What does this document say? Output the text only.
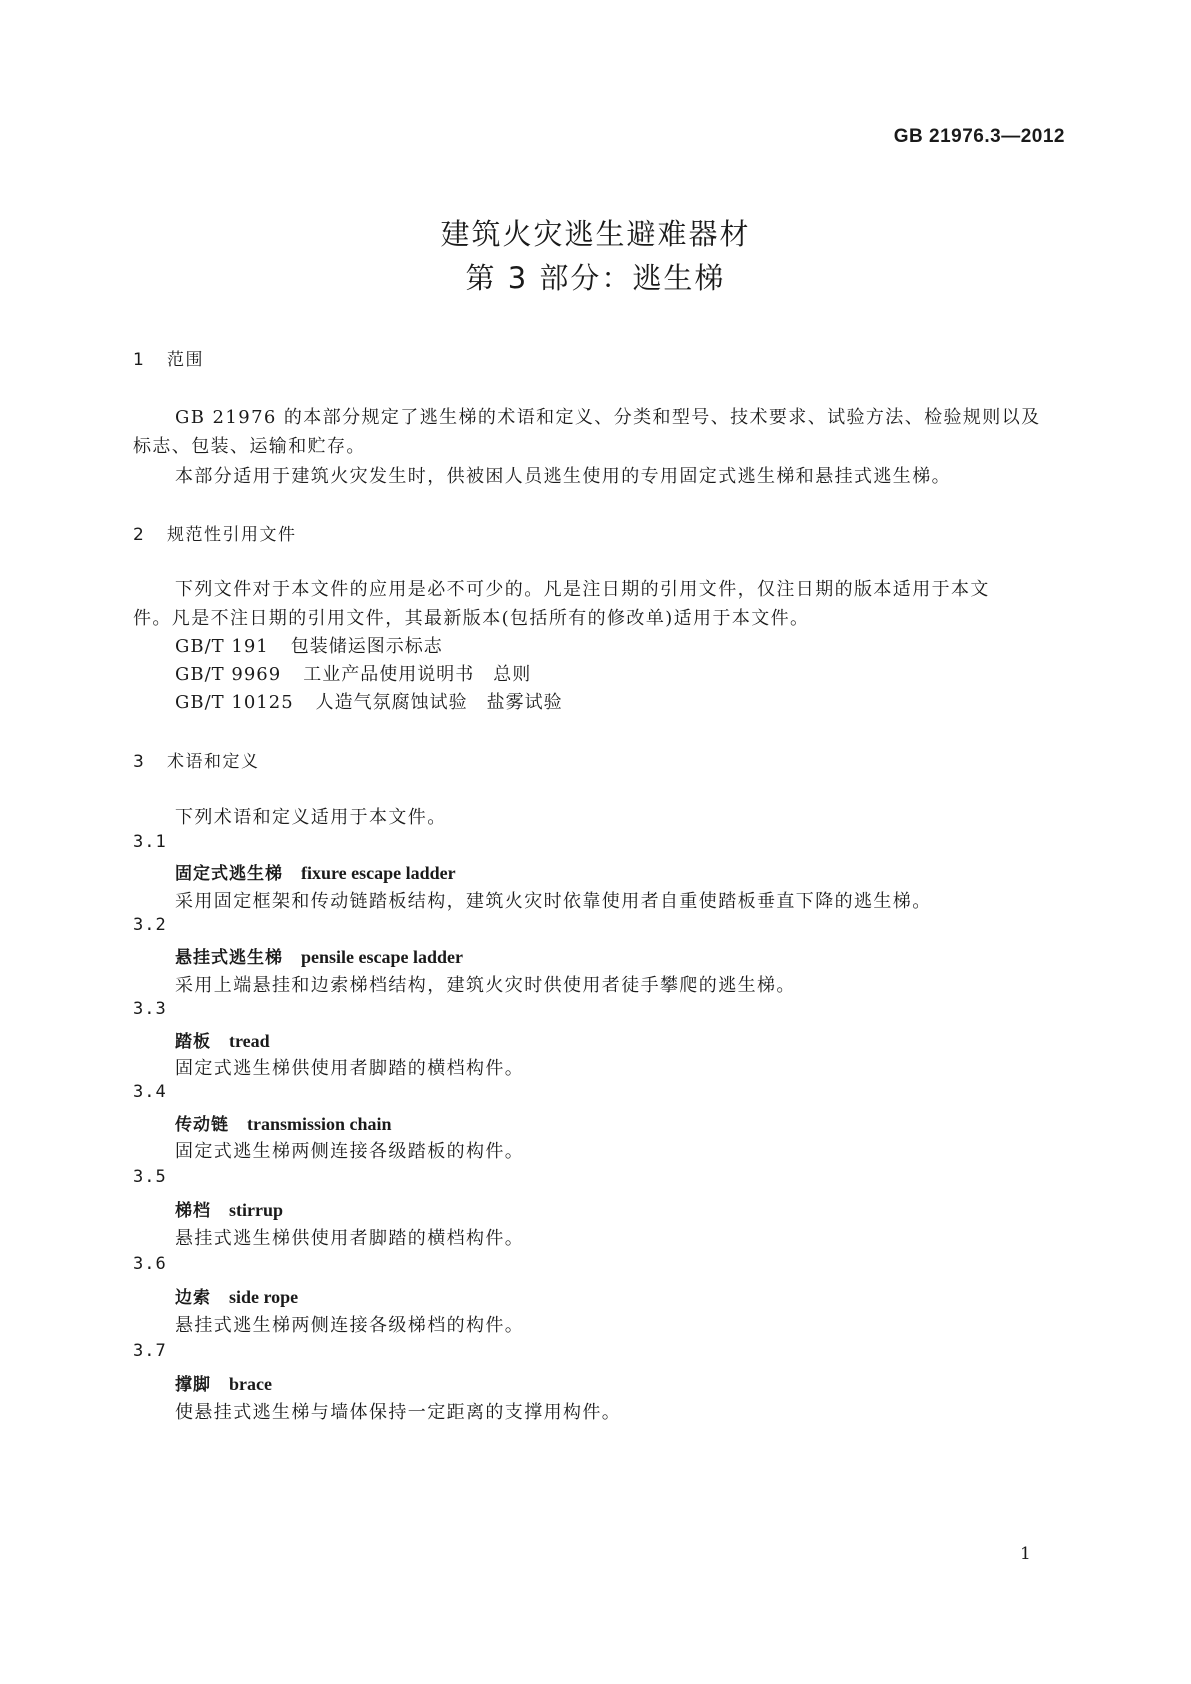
GB 21976.3—2012
建筑火灾逃生避难器材
第 3 部分：逃生梯
1 范围
GB 21976 的本部分规定了逃生梯的术语和定义、分类和型号、技术要求、试验方法、检验规则以及
标志、包装、运输和贮存。
本部分适用于建筑火灾发生时，供被困人员逃生使用的专用固定式逃生梯和悬挂式逃生梯。
2 规范性引用文件
下列文件对于本文件的应用是必不可少的。凡是注日期的引用文件，仅注日期的版本适用于本文
件。凡是不注日期的引用文件，其最新版本(包括所有的修改单)适用于本文件。
GB/T 191 包装储运图示标志
GB/T 9969 工业产品使用说明书　总则
GB/T 10125 人造气氛腐蚀试验　盐雾试验
3 术语和定义
下列术语和定义适用于本文件。
3.1
固定式逃生梯 fixure escape ladder
采用固定框架和传动链踏板结构，建筑火灾时依靠使用者自重使踏板垂直下降的逃生梯。
3.2
悬挂式逃生梯 pensile escape ladder
采用上端悬挂和边索梯档结构，建筑火灾时供使用者徒手攀爬的逃生梯。
3.3
踏板 tread
固定式逃生梯供使用者脚踏的横档构件。
3.4
传动链 transmission chain
固定式逃生梯两侧连接各级踏板的构件。
3.5
梯档 stirrup
悬挂式逃生梯供使用者脚踏的横档构件。
3.6
边索 side rope
悬挂式逃生梯两侧连接各级梯档的构件。
3.7
撑脚 brace
使悬挂式逃生梯与墙体保持一定距离的支撑用构件。
1
